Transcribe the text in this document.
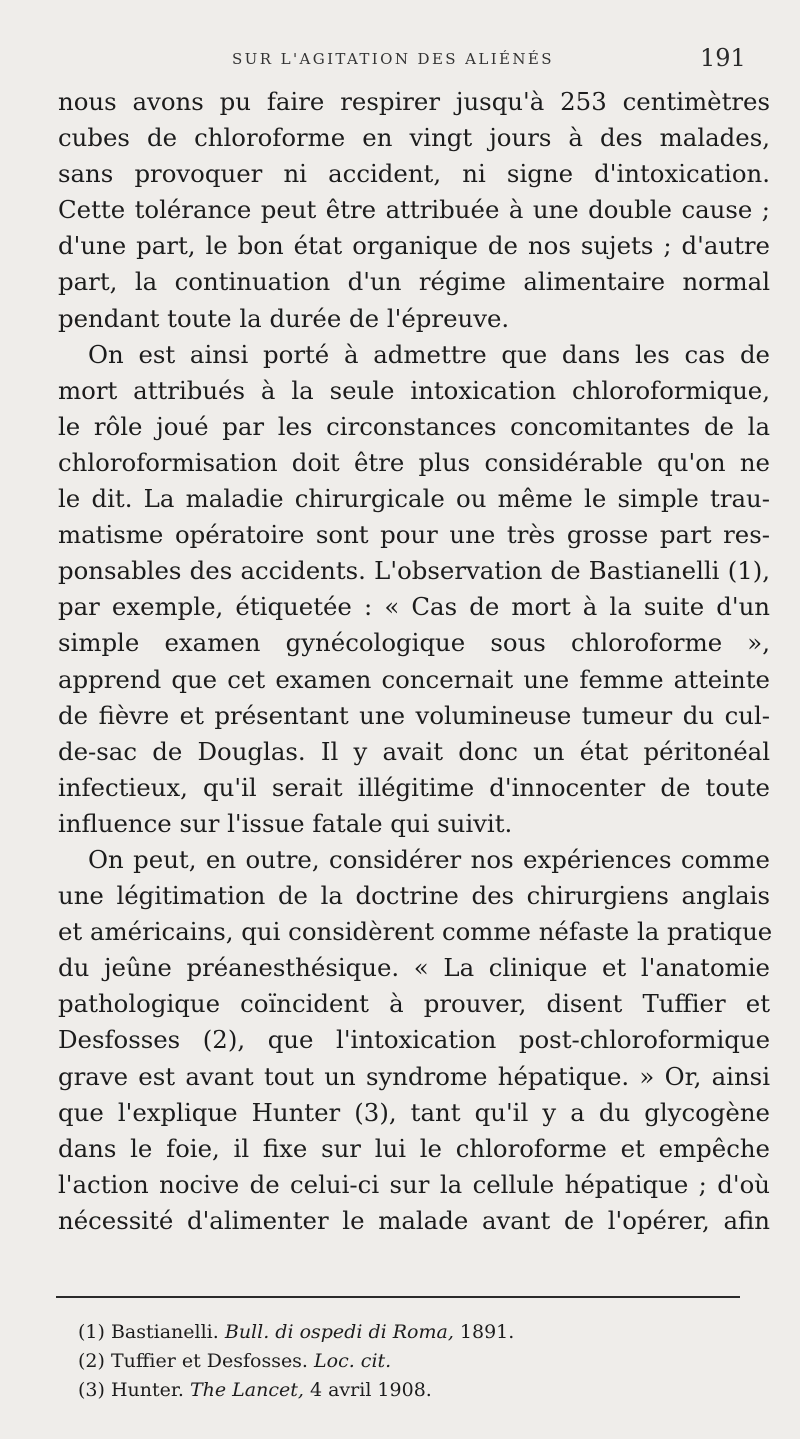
SUR L'AGITATION DES ALIÉNÉS	191

nous avons pu faire respirer jusqu'à 253 centimètres
cubes de chloroforme en vingt jours à des malades,
sans provoquer ni accident, ni signe d'intoxication.
Cette tolérance peut être attribuée à une double cause ;
d'une part, le bon état organique de nos sujets ; d'autre
part, la continuation d'un régime alimentaire normal
pendant toute la durée de l'épreuve.

On est ainsi porté à admettre que dans les cas de
mort attribués à la seule intoxication chloroformique,
le rôle joué par les circonstances concomitantes de la
chloroformisation doit être plus considérable qu'on ne
le dit. La maladie chirurgicale ou même le simple trau-
matisme opératoire sont pour une très grosse part res-
ponsables des accidents. L'observation de Bastianelli (1),
par exemple, étiquetée : « Cas de mort à la suite d'un
simple examen gynécologique sous chloroforme »,
apprend que cet examen concernait une femme atteinte
de fièvre et présentant une volumineuse tumeur du cul-
de-sac de Douglas. Il y avait donc un état péritonéal
infectieux, qu'il serait illégitime d'innocenter de toute
influence sur l'issue fatale qui suivit.

On peut, en outre, considérer nos expériences comme
une légitimation de la doctrine des chirurgiens anglais
et américains, qui considèrent comme néfaste la pratique
du jeûne préanesthésique. « La clinique et l'anatomie
pathologique coïncident à prouver, disent Tuffier et
Desfosses (2), que l'intoxication post-chloroformique
grave est avant tout un syndrome hépatique. » Or, ainsi
que l'explique Hunter (3), tant qu'il y a du glycogène
dans le foie, il fixe sur lui le chloroforme et empêche
l'action nocive de celui-ci sur la cellule hépatique ; d'où
nécessité d'alimenter le malade avant de l'opérer, afin

(1) Bastianelli. Bull. di ospedi di Roma, 1891.
(2) Tuffier et Desfosses. Loc. cit.
(3) Hunter. The Lancet, 4 avril 1908.
